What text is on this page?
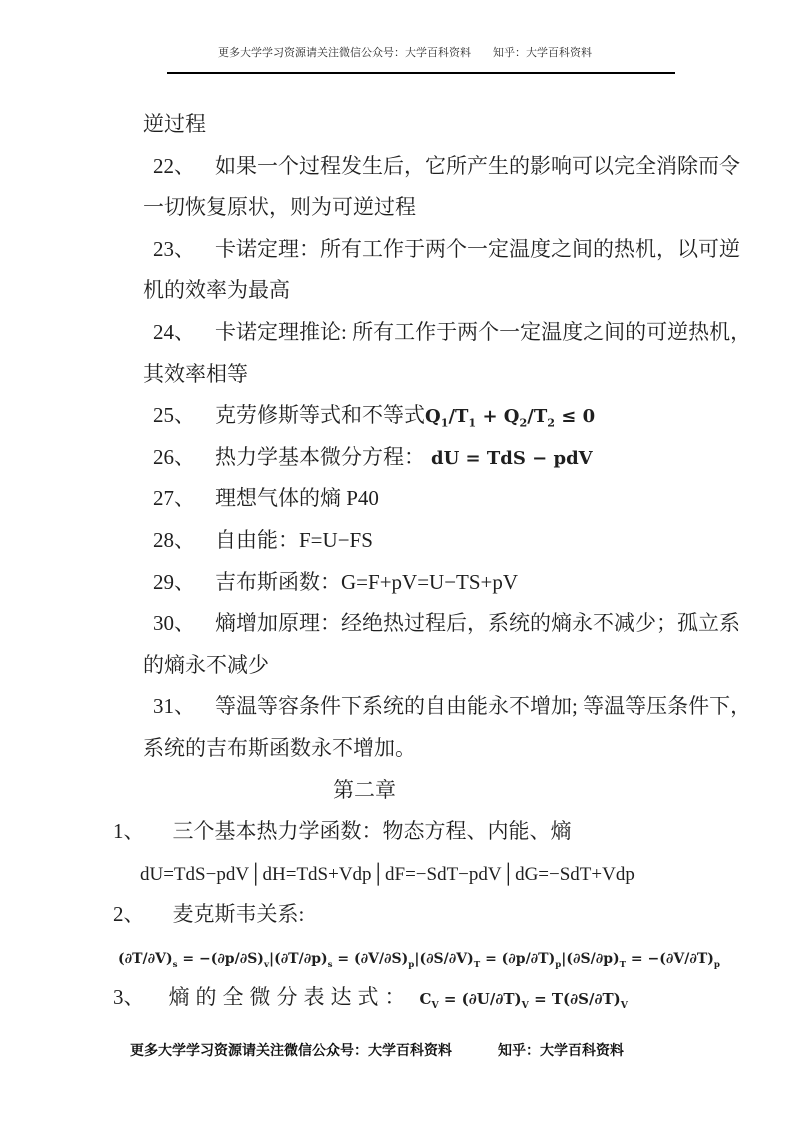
更多大学学习资源请关注微信公众号：大学百科资料 知乎：大学百科资料
逆过程
22、 如果一个过程发生后，它所产生的影响可以完全消除而令
一切恢复原状，则为可逆过程
23、 卡诺定理：所有工作于两个一定温度之间的热机，以可逆
机的效率为最高
24、 卡诺定理推论: 所有工作于两个一定温度之间的可逆热机，
其效率相等
25、 克劳修斯等式和不等式$Q_1/T_1 + Q_2/T_2 \le 0$
26、 热力学基本微分方程： dU = TdS − pdV
27、 理想气体的熵 P40
28、 自由能：F=U−FS
29、 吉布斯函数：G=F+pV=U−TS+pV
30、 熵增加原理：经绝热过程后，系统的熵永不减少；孤立系
的熵永不减少
31、 等温等容条件下系统的自由能永不增加; 等温等压条件下，
系统的吉布斯函数永不增加。
第二章
1、 三个基本热力学函数：物态方程、内能、熵
dU=TdS−pdV│dH=TdS+Vdp│dF=−SdT−pdV│dG=−SdT+Vdp
2、 麦克斯韦关系:
$(\partial T/\partial V)_s = -(\partial p/\partial S)_v|(\partial T/\partial p)_s = (\partial V/\partial S)_p|(\partial S/\partial V)_T = (\partial p/\partial T)_p|(\partial S/\partial p)_T = -(\partial V/\partial T)_p$
3、 熵的全微分表达式： $C_V = (\partial U/\partial T)_V = T(\partial S/\partial T)_V$
更多大学学习资源请关注微信公众号：大学百科资料	知乎：大学百科资料
